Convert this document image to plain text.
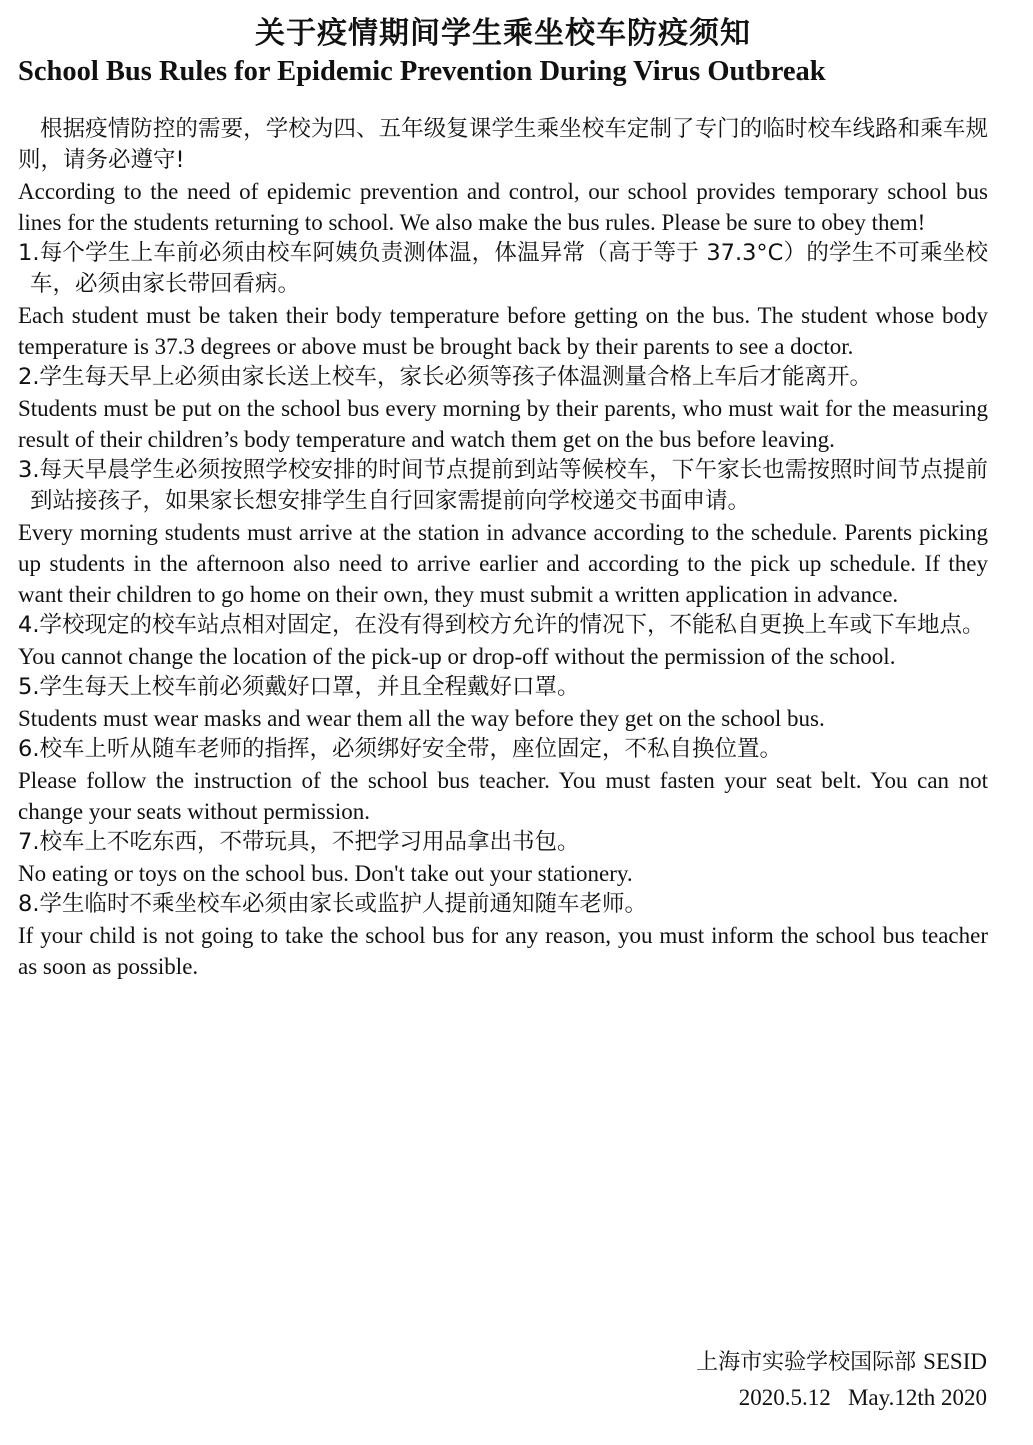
关于疫情期间学生乘坐校车防疫须知
School Bus Rules for Epidemic Prevention During Virus Outbreak

根据疫情防控的需要，学校为四、五年级复课学生乘坐校车定制了专门的临时校车线路和乘车规则，请务必遵守!

According to the need of epidemic prevention and control, our school provides temporary school bus lines for the students returning to school. We also make the bus rules. Please be sure to obey them!

1.每个学生上车前必须由校车阿姨负责测体温，体温异常（高于等于 37.3°C）的学生不可乘坐校车，必须由家长带回看病。

Each student must be taken their body temperature before getting on the bus. The student whose body temperature is 37.3 degrees or above must be brought back by their parents to see a doctor.

2.学生每天早上必须由家长送上校车，家长必须等孩子体温测量合格上车后才能离开。

Students must be put on the school bus every morning by their parents, who must wait for the measuring result of their children’s body temperature and watch them get on the bus before leaving.

3.每天早晨学生必须按照学校安排的时间节点提前到站等候校车，下午家长也需按照时间节点提前到站接孩子，如果家长想安排学生自行回家需提前向学校递交书面申请。

Every morning students must arrive at the station in advance according to the schedule. Parents picking up students in the afternoon also need to arrive earlier and according to the pick up schedule. If they want their children to go home on their own, they must submit a written application in advance.

4.学校现定的校车站点相对固定，在没有得到校方允许的情况下，不能私自更换上车或下车地点。

You cannot change the location of the pick-up or drop-off without the permission of the school.

5.学生每天上校车前必须戴好口罩，并且全程戴好口罩。

Students must wear masks and wear them all the way before they get on the school bus.

6.校车上听从随车老师的指挥，必须绑好安全带，座位固定，不私自换位置。

Please follow the instruction of the school bus teacher. You must fasten your seat belt. You can not change your seats without permission.

7.校车上不吃东西，不带玩具，不把学习用品拿出书包。

No eating or toys on the school bus. Don't take out your stationery.

8.学生临时不乘坐校车必须由家长或监护人提前通知随车老师。

If your child is not going to take the school bus for any reason, you must inform the school bus teacher as soon as possible.

上海市实验学校国际部 SESID
2020.5.12   May.12th 2020
